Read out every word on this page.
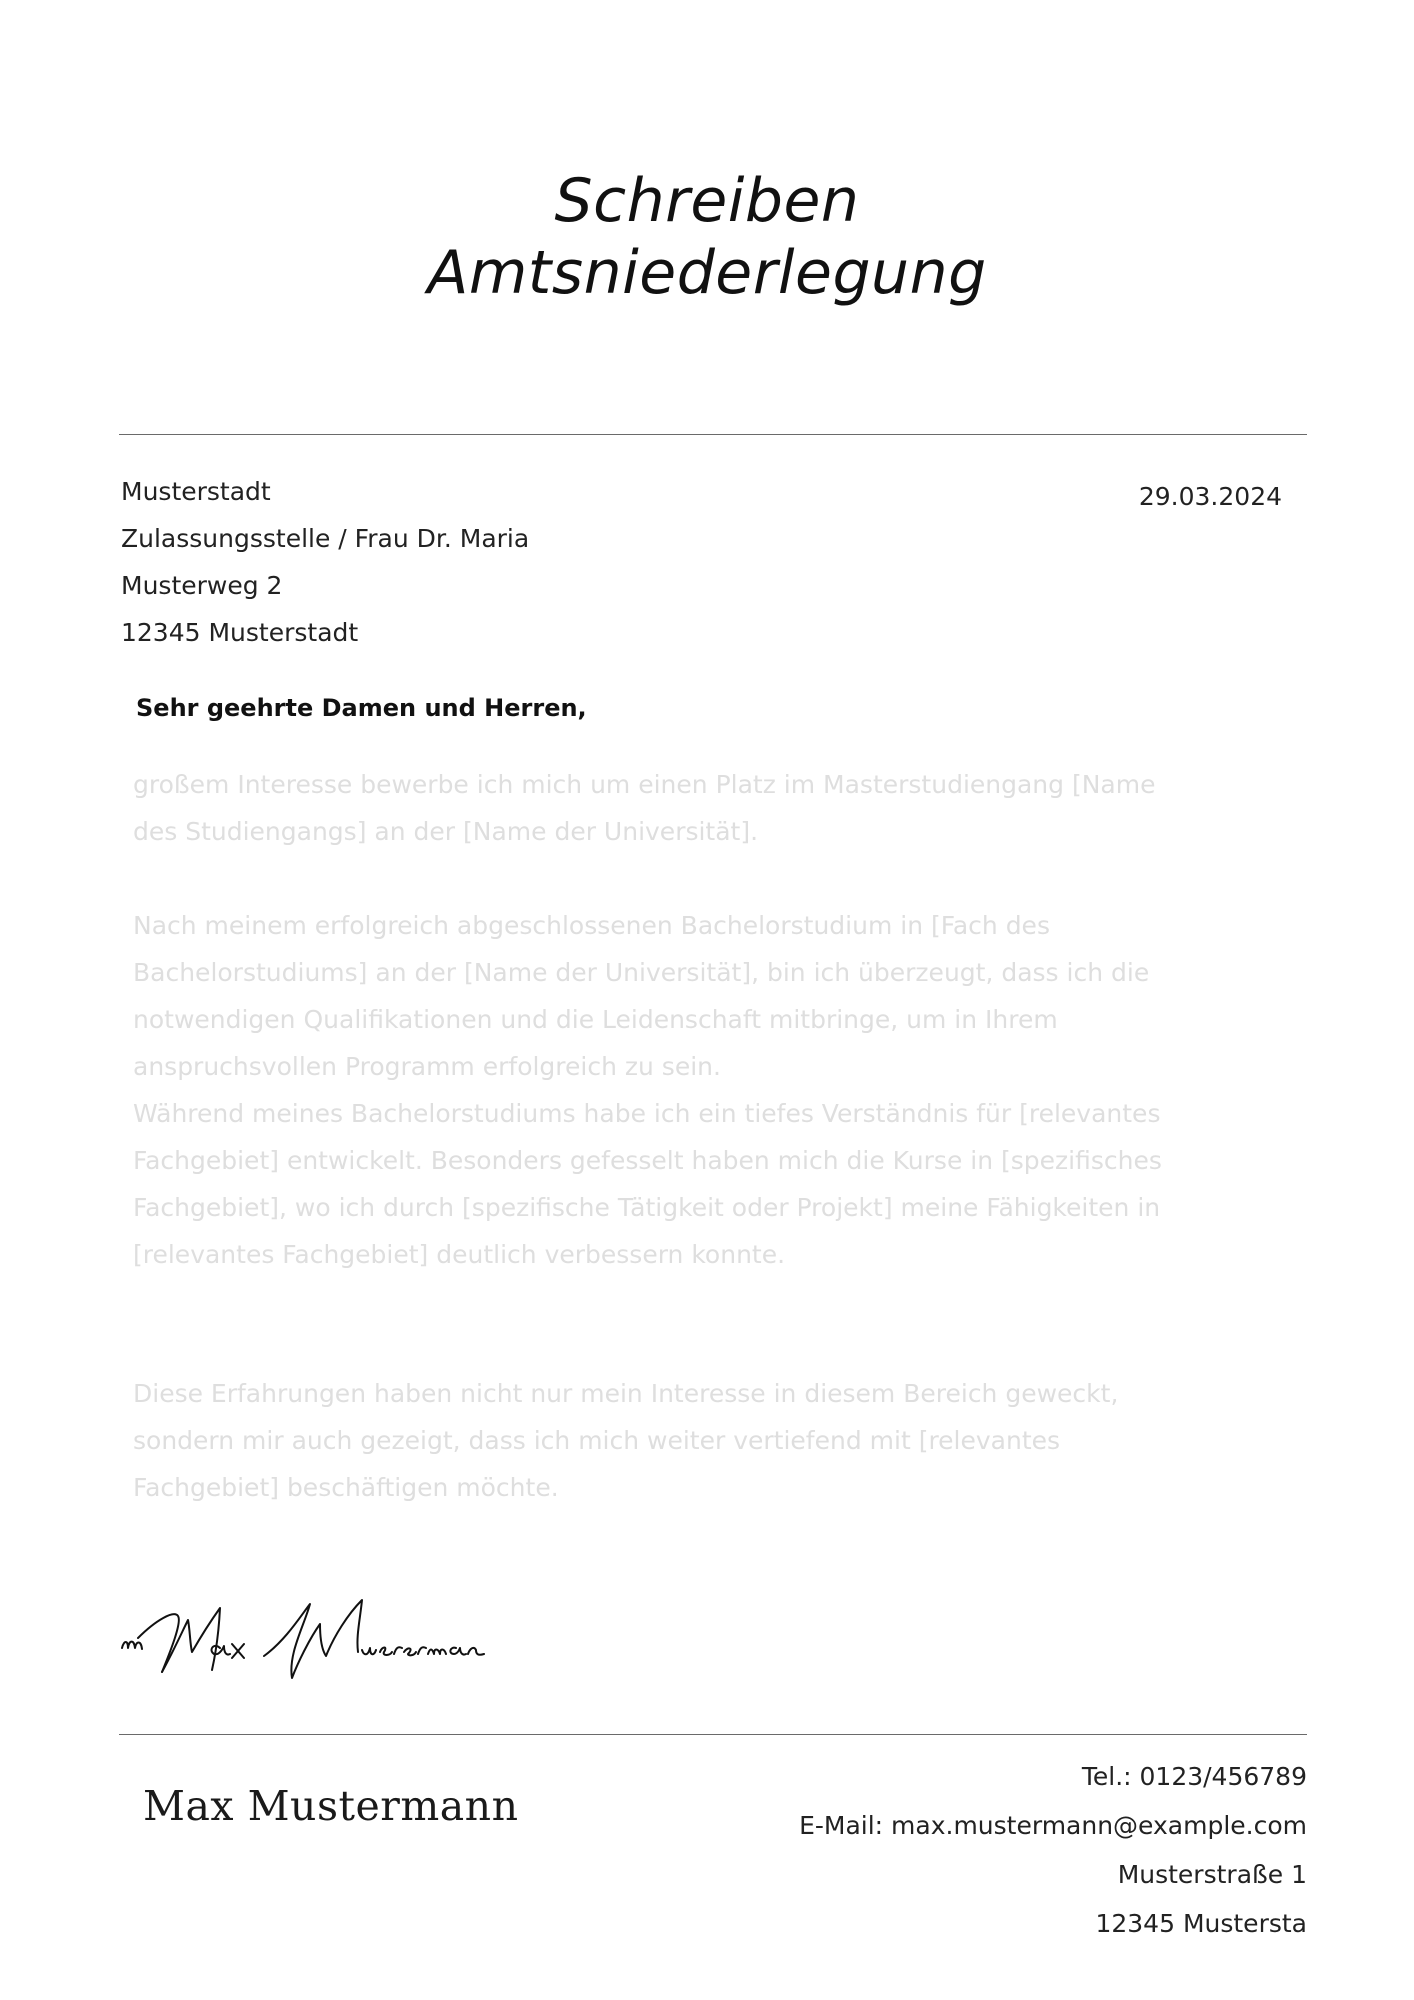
Schreiben
Amtsniederlegung
Musterstadt
Zulassungsstelle / Frau Dr. Maria
Musterweg 2
12345 Musterstadt
29.03.2024
Sehr geehrte Damen und Herren,
großem Interesse bewerbe ich mich um einen Platz im Masterstudiengang [Name
des Studiengangs] an der [Name der Universität].
Nach meinem erfolgreich abgeschlossenen Bachelorstudium in [Fach des
Bachelorstudiums] an der [Name der Universität], bin ich überzeugt, dass ich die
notwendigen Qualifikationen und die Leidenschaft mitbringe, um in Ihrem
anspruchsvollen Programm erfolgreich zu sein.
Während meines Bachelorstudiums habe ich ein tiefes Verständnis für [relevantes
Fachgebiet] entwickelt. Besonders gefesselt haben mich die Kurse in [spezifisches
Fachgebiet], wo ich durch [spezifische Tätigkeit oder Projekt] meine Fähigkeiten in
[relevantes Fachgebiet] deutlich verbessern konnte.
Diese Erfahrungen haben nicht nur mein Interesse in diesem Bereich geweckt,
sondern mir auch gezeigt, dass ich mich weiter vertiefend mit [relevantes
Fachgebiet] beschäftigen möchte.
Max Mustermann
Tel.: 0123/456789
E-Mail: max.mustermann@example.com
Musterstraße 1
12345 Mustersta
